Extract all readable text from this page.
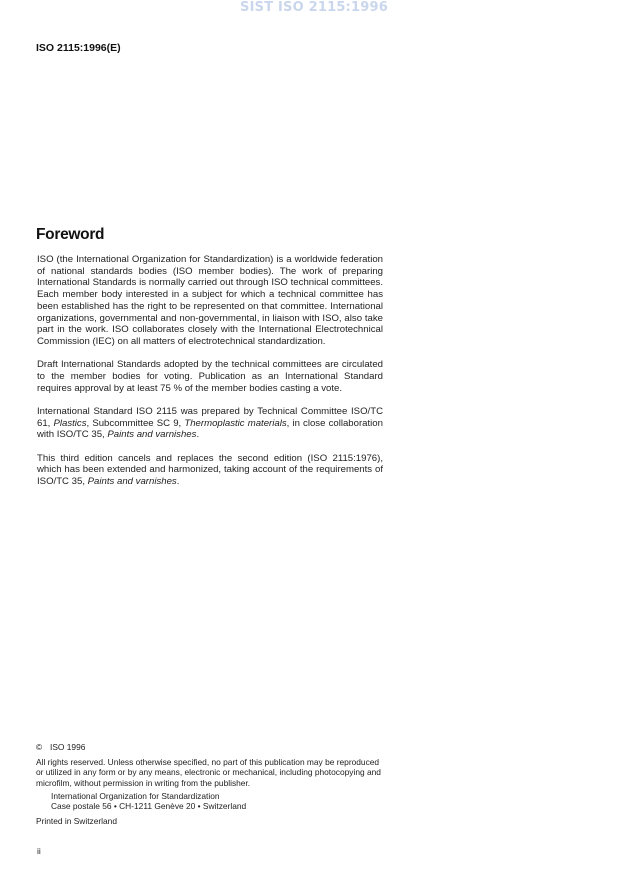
SIST ISO 2115:1996
ISO 2115:1996(E)
Foreword

ISO (the International Organization for Standardization) is a worldwide federation of national standards bodies (ISO member bodies). The work of preparing International Standards is normally carried out through ISO technical committees. Each member body interested in a subject for which a technical committee has been established has the right to be represented on that committee. International organizations, governmental and non-governmental, in liaison with ISO, also take part in the work. ISO collaborates closely with the International Electrotechnical Commission (IEC) on all matters of electrotechnical standardization.

Draft International Standards adopted by the technical committees are circulated to the member bodies for voting. Publication as an International Standard requires approval by at least 75 % of the member bodies casting a vote.

International Standard ISO 2115 was prepared by Technical Committee ISO/TC 61, Plastics, Subcommittee SC 9, Thermoplastic materials, in close collaboration with ISO/TC 35, Paints and varnishes.

This third edition cancels and replaces the second edition (ISO 2115:1976), which has been extended and harmonized, taking account of the requirements of ISO/TC 35, Paints and varnishes.

© ISO 1996
All rights reserved. Unless otherwise specified, no part of this publication may be reproduced or utilized in any form or by any means, electronic or mechanical, including photocopying and microfilm, without permission in writing from the publisher.
International Organization for Standardization
Case postale 56 • CH-1211 Genève 20 • Switzerland
Printed in Switzerland
ii
